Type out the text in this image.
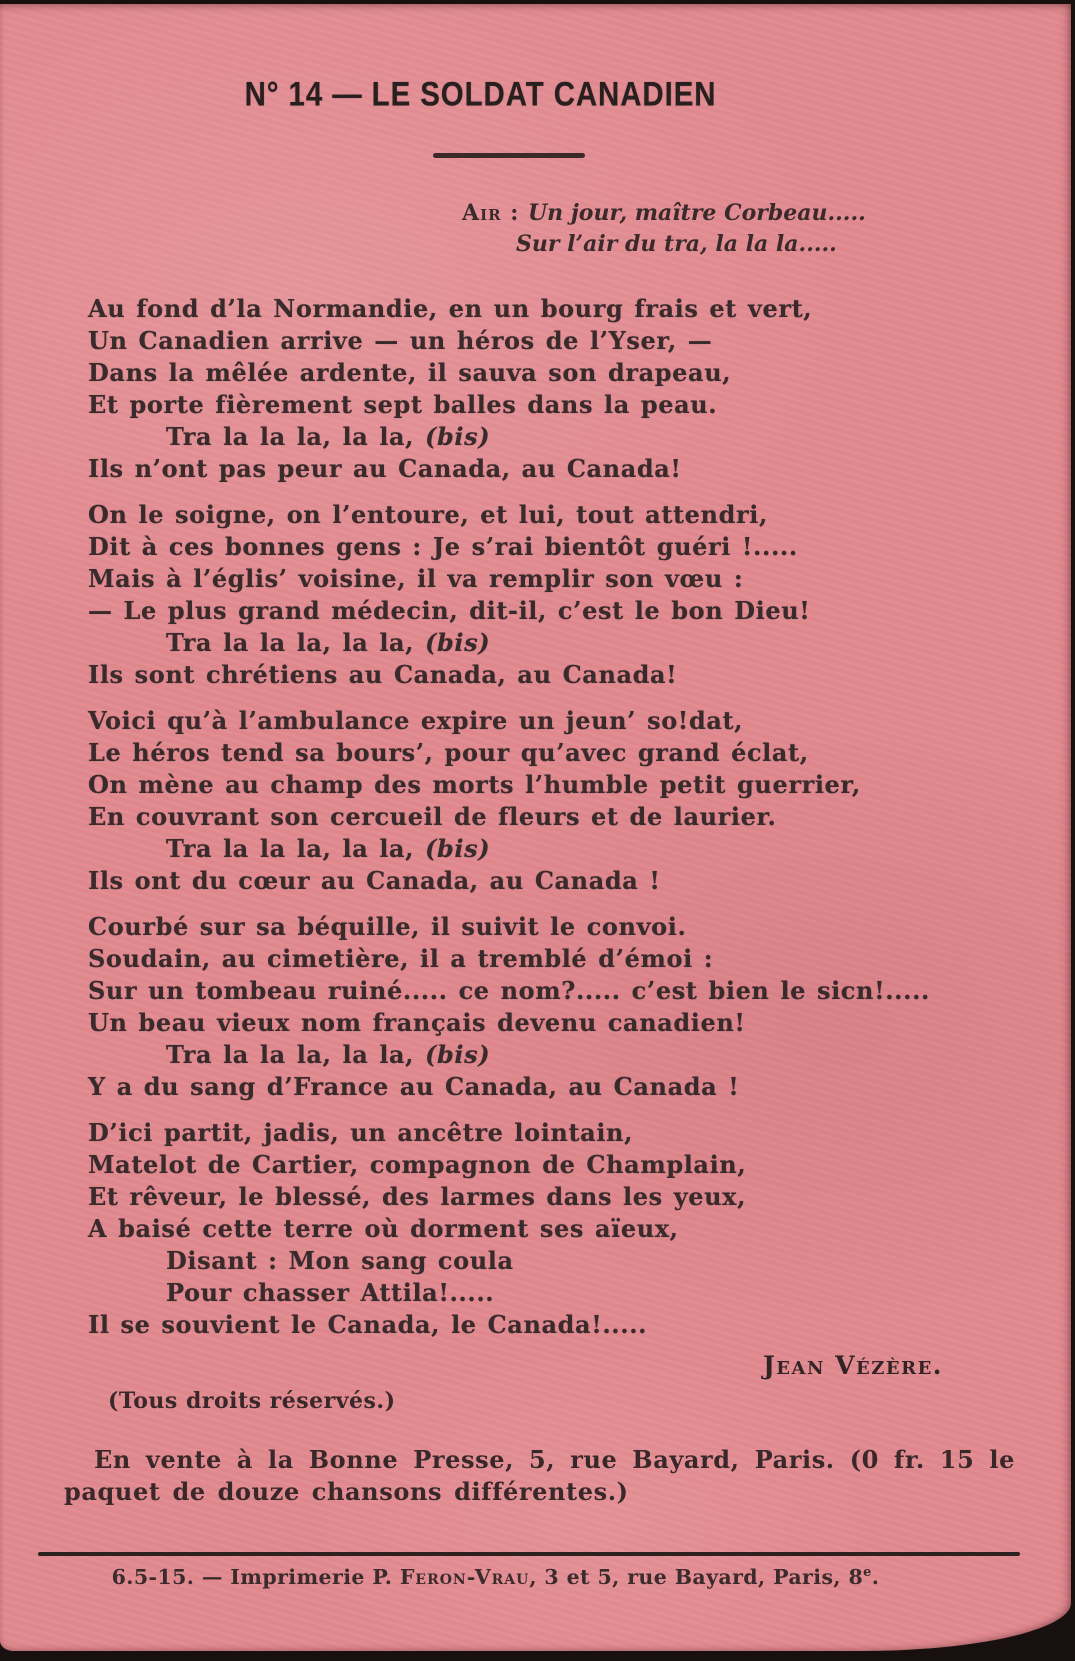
N° 14 — LE SOLDAT CANADIEN
Air : Un jour, maître Corbeau.....
Sur l’air du tra, la la la.....
Au fond d’la Normandie, en un bourg frais et vert,
Un Canadien arrive — un héros de l’Yser, —
Dans la mêlée ardente, il sauva son drapeau,
Et porte fièrement sept balles dans la peau.
Tra la la la, la la, (bis)
Ils n’ont pas peur au Canada, au Canada!
On le soigne, on l’entoure, et lui, tout attendri,
Dit à ces bonnes gens : Je s’rai bientôt guéri !.....
Mais à l’églis’ voisine, il va remplir son vœu :
— Le plus grand médecin, dit-il, c’est le bon Dieu!
Tra la la la, la la, (bis)
Ils sont chrétiens au Canada, au Canada!
Voici qu’à l’ambulance expire un jeun’ so!dat,
Le héros tend sa bours’, pour qu’avec grand éclat,
On mène au champ des morts l’humble petit guerrier,
En couvrant son cercueil de fleurs et de laurier.
Tra la la la, la la, (bis)
Ils ont du cœur au Canada, au Canada !
Courbé sur sa béquille, il suivit le convoi.
Soudain, au cimetière, il a tremblé d’émoi :
Sur un tombeau ruiné..... ce nom?..... c’est bien le sicn!.....
Un beau vieux nom français devenu canadien!
Tra la la la, la la, (bis)
Y a du sang d’France au Canada, au Canada !
D’ici partit, jadis, un ancêtre lointain,
Matelot de Cartier, compagnon de Champlain,
Et rêveur, le blessé, des larmes dans les yeux,
A baisé cette terre où dorment ses aïeux,
Disant : Mon sang coula
Pour chasser Attila!.....
Il se souvient le Canada, le Canada!.....
Jean Vézère.
(Tous droits réservés.)
En vente à la Bonne Presse, 5, rue Bayard, Paris. (0 fr. 15 le
paquet de douze chansons différentes.)
6.5-15. — Imprimerie P. Feron-Vrau, 3 et 5, rue Bayard, Paris, 8e.
